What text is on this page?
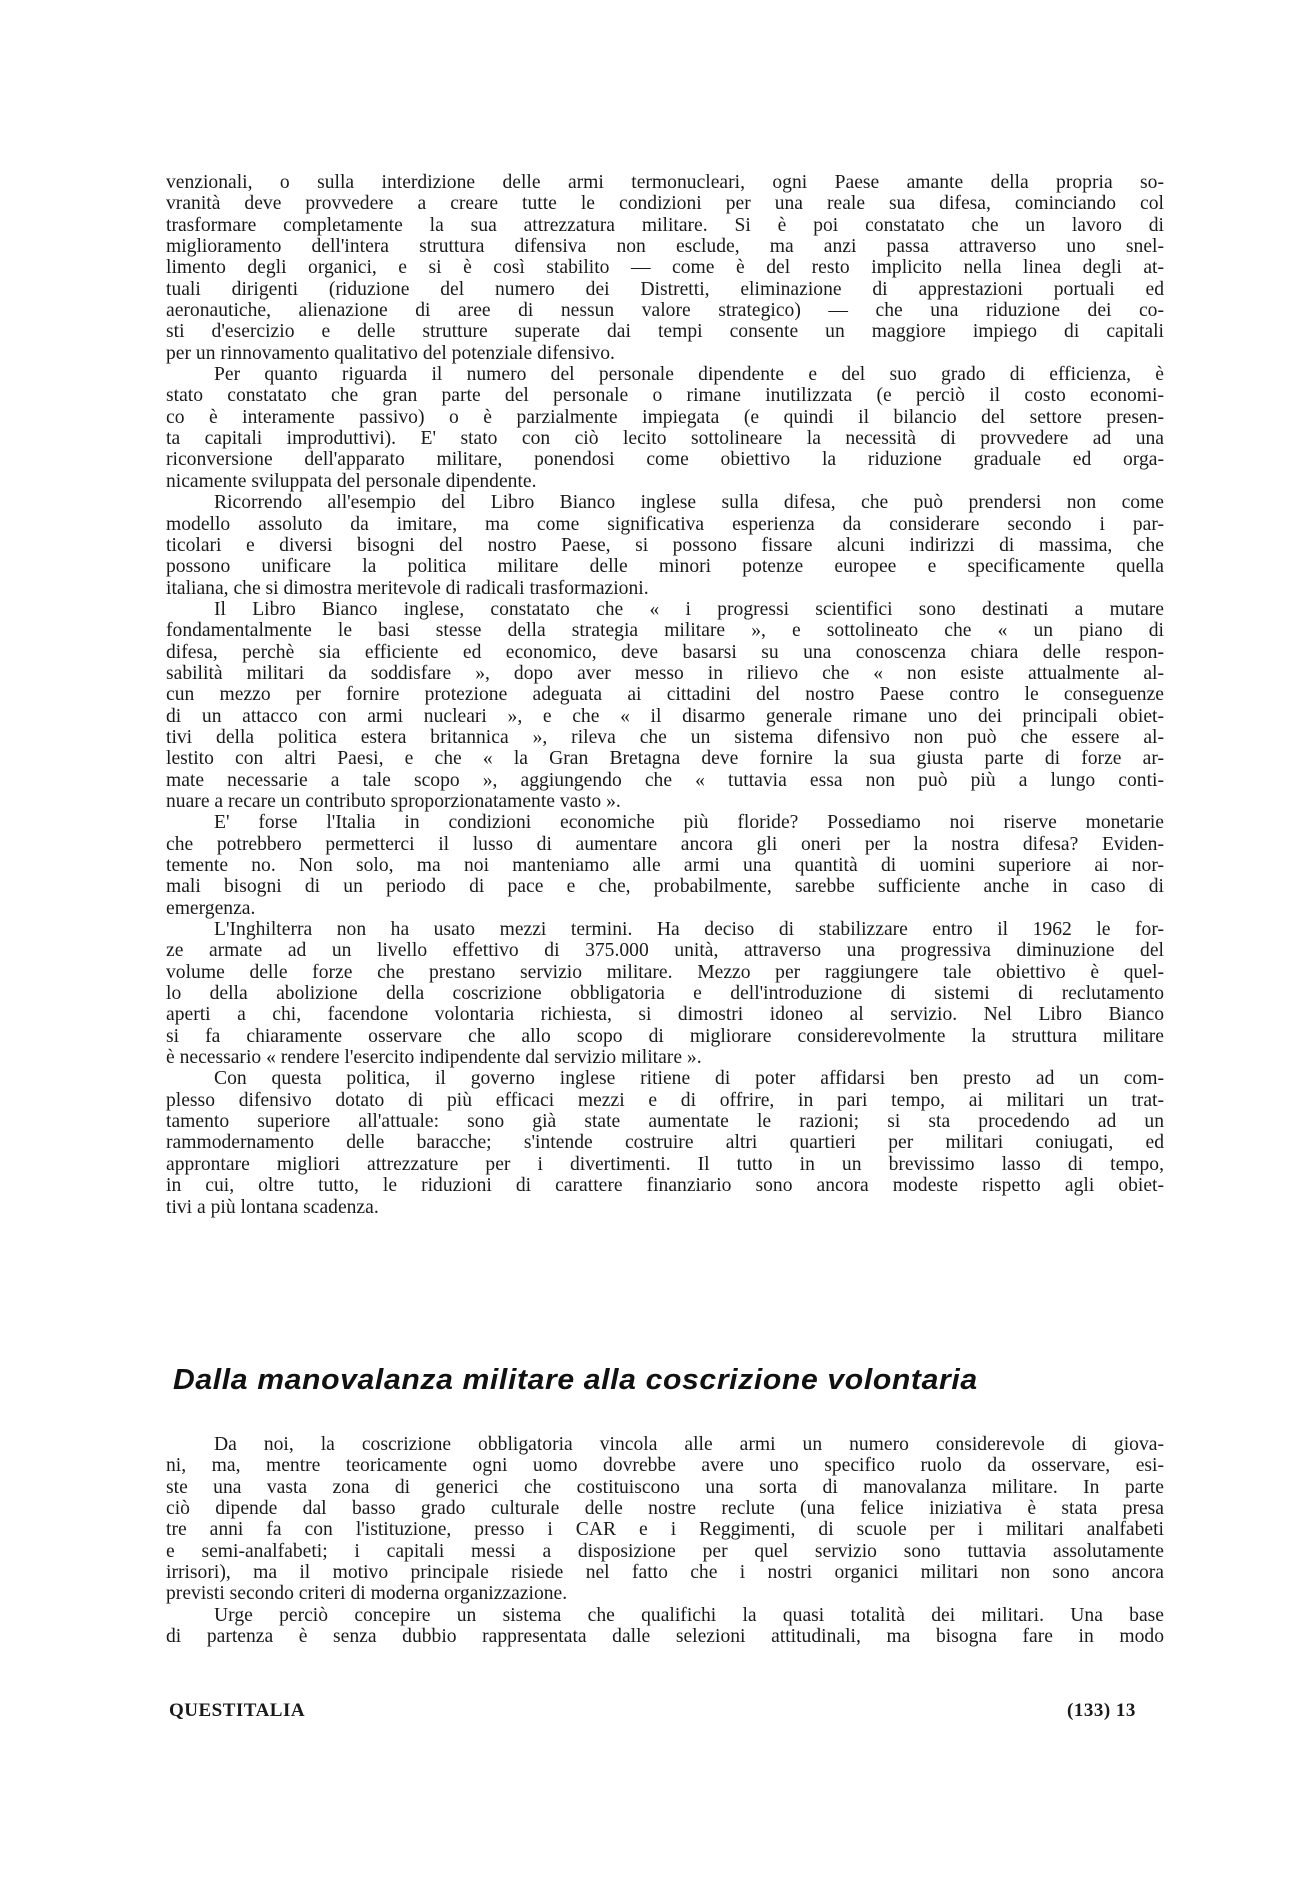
venzionali, o sulla interdizione delle armi termonucleari, ogni Paese amante della propria so-
vranità deve provvedere a creare tutte le condizioni per una reale sua difesa, cominciando col
trasformare completamente la sua attrezzatura militare. Si è poi constatato che un lavoro di
miglioramento dell'intera struttura difensiva non esclude, ma anzi passa attraverso uno snel-
limento degli organici, e si è così stabilito — come è del resto implicito nella linea degli at-
tuali dirigenti (riduzione del numero dei Distretti, eliminazione di apprestazioni portuali ed
aeronautiche, alienazione di aree di nessun valore strategico) — che una riduzione dei co-
sti d'esercizio e delle strutture superate dai tempi consente un maggiore impiego di capitali
per un rinnovamento qualitativo del potenziale difensivo.
Per quanto riguarda il numero del personale dipendente e del suo grado di efficienza, è
stato constatato che gran parte del personale o rimane inutilizzata (e perciò il costo economi-
co è interamente passivo) o è parzialmente impiegata (e quindi il bilancio del settore presen-
ta capitali improduttivi). E' stato con ciò lecito sottolineare la necessità di provvedere ad una
riconversione dell'apparato militare, ponendosi come obiettivo la riduzione graduale ed orga-
nicamente sviluppata del personale dipendente.
Ricorrendo all'esempio del Libro Bianco inglese sulla difesa, che può prendersi non come
modello assoluto da imitare, ma come significativa esperienza da considerare secondo i par-
ticolari e diversi bisogni del nostro Paese, si possono fissare alcuni indirizzi di massima, che
possono unificare la politica militare delle minori potenze europee e specificamente quella
italiana, che si dimostra meritevole di radicali trasformazioni.
Il Libro Bianco inglese, constatato che « i progressi scientifici sono destinati a mutare
fondamentalmente le basi stesse della strategia militare », e sottolineato che « un piano di
difesa, perchè sia efficiente ed economico, deve basarsi su una conoscenza chiara delle respon-
sabilità militari da soddisfare », dopo aver messo in rilievo che « non esiste attualmente al-
cun mezzo per fornire protezione adeguata ai cittadini del nostro Paese contro le conseguenze
di un attacco con armi nucleari », e che « il disarmo generale rimane uno dei principali obiet-
tivi della politica estera britannica », rileva che un sistema difensivo non può che essere al-
lestito con altri Paesi, e che « la Gran Bretagna deve fornire la sua giusta parte di forze ar-
mate necessarie a tale scopo », aggiungendo che « tuttavia essa non può più a lungo conti-
nuare a recare un contributo sproporzionatamente vasto ».
E' forse l'Italia in condizioni economiche più floride? Possediamo noi riserve monetarie
che potrebbero permetterci il lusso di aumentare ancora gli oneri per la nostra difesa? Eviden-
temente no. Non solo, ma noi manteniamo alle armi una quantità di uomini superiore ai nor-
mali bisogni di un periodo di pace e che, probabilmente, sarebbe sufficiente anche in caso di
emergenza.
L'Inghilterra non ha usato mezzi termini. Ha deciso di stabilizzare entro il 1962 le for-
ze armate ad un livello effettivo di 375.000 unità, attraverso una progressiva diminuzione del
volume delle forze che prestano servizio militare. Mezzo per raggiungere tale obiettivo è quel-
lo della abolizione della coscrizione obbligatoria e dell'introduzione di sistemi di reclutamento
aperti a chi, facendone volontaria richiesta, si dimostri idoneo al servizio. Nel Libro Bianco
si fa chiaramente osservare che allo scopo di migliorare considerevolmente la struttura militare
è necessario « rendere l'esercito indipendente dal servizio militare ».
Con questa politica, il governo inglese ritiene di poter affidarsi ben presto ad un com-
plesso difensivo dotato di più efficaci mezzi e di offrire, in pari tempo, ai militari un trat-
tamento superiore all'attuale: sono già state aumentate le razioni; si sta procedendo ad un
rammodernamento delle baracche; s'intende costruire altri quartieri per militari coniugati, ed
approntare migliori attrezzature per i divertimenti. Il tutto in un brevissimo lasso di tempo,
in cui, oltre tutto, le riduzioni di carattere finanziario sono ancora modeste rispetto agli obiet-
tivi a più lontana scadenza.
Dalla manovalanza militare alla coscrizione volontaria
Da noi, la coscrizione obbligatoria vincola alle armi un numero considerevole di giova-
ni, ma, mentre teoricamente ogni uomo dovrebbe avere uno specifico ruolo da osservare, esi-
ste una vasta zona di generici che costituiscono una sorta di manovalanza militare. In parte
ciò dipende dal basso grado culturale delle nostre reclute (una felice iniziativa è stata presa
tre anni fa con l'istituzione, presso i CAR e i Reggimenti, di scuole per i militari analfabeti
e semi-analfabeti; i capitali messi a disposizione per quel servizio sono tuttavia assolutamente
irrisori), ma il motivo principale risiede nel fatto che i nostri organici militari non sono ancora
previsti secondo criteri di moderna organizzazione.
Urge perciò concepire un sistema che qualifichi la quasi totalità dei militari. Una base
di partenza è senza dubbio rappresentata dalle selezioni attitudinali, ma bisogna fare in modo
QUESTITALIA	(133) 13
